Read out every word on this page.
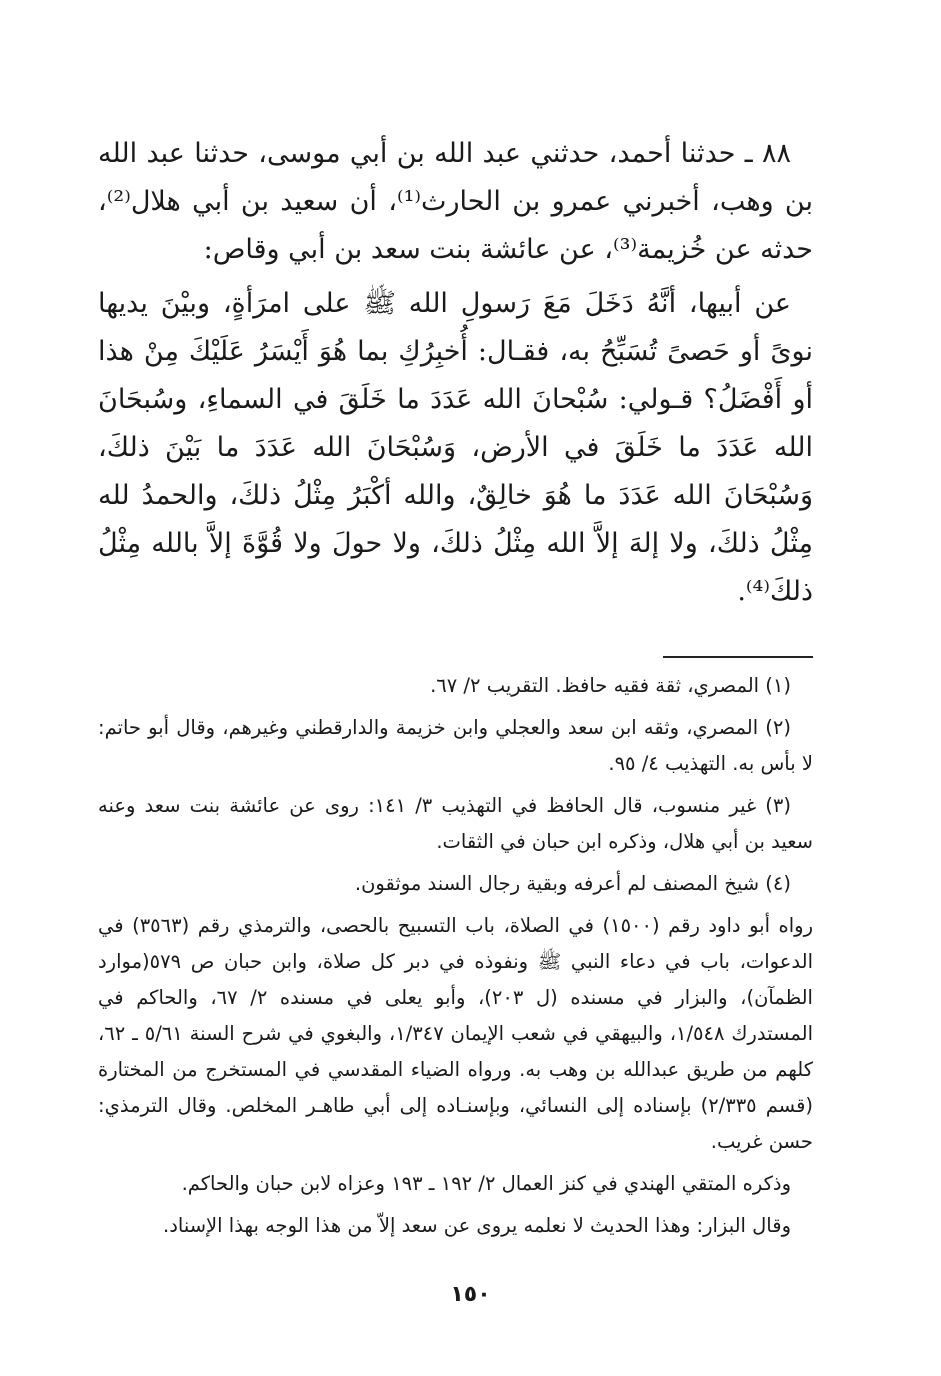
٨٨ ـ حدثنا أحمد، حدثني عبد الله بن أبي موسى، حدثنا عبد الله بن وهب، أخبرني عمرو بن الحارث⁽¹⁾، أن سعيد بن أبي هلال⁽²⁾، حدثه عن خُزيمة⁽³⁾، عن عائشة بنت سعد بن أبي وقاص:

عن أبيها، أنَّهُ دَخَلَ مَعَ رَسولِ الله ﷺ على امرَأةٍ، وبيْنَ يديها نوىً أو حَصىً تُسَبِّحُ به، فقـال: أُخبِرُكِ بما هُوَ أَيْسَرُ عَلَيْكَ مِنْ هذا أو أَفْضَلُ؟ قـولي: سُبْحانَ الله عَدَدَ ما خَلَقَ في السماءِ، وسُبحَانَ الله عَدَدَ ما خَلَقَ في الأرض، وَسُبْحَانَ الله عَدَدَ ما بَيْنَ ذلكَ، وَسُبْحَانَ الله عَدَدَ ما هُوَ خالِقٌ، والله أكْبَرُ مِثْلُ ذلكَ، والحمدُ لله مِثْلُ ذلكَ، ولا إلهَ إلاَّ الله مِثْلُ ذلكَ، ولا حولَ ولا قُوَّةَ إلاَّ بالله مِثْلُ ذلكَ⁽⁴⁾.

(١) المصري، ثقة فقيه حافظ. التقريب ٢/ ٦٧.

(٢) المصري، وثقه ابن سعد والعجلي وابن خزيمة والدارقطني وغيرهم، وقال أبو حاتم: لا بأس به. التهذيب ٤/ ٩٥.

(٣) غير منسوب، قال الحافظ في التهذيب ٣/ ١٤١: روى عن عائشة بنت سعد وعنه سعيد بن أبي هلال، وذكره ابن حبان في الثقات.

(٤) شيخ المصنف لم أعرفه وبقية رجال السند موثقون.

رواه أبو داود رقم (١٥٠٠) في الصلاة، باب التسبيح بالحصى، والترمذي رقم (٣٥٦٣) في الدعوات، باب في دعاء النبي ﷺ ونفوذه في دبر كل صلاة، وابن حبان ص ٥٧٩(موارد الظمآن)، والبزار في مسنده (ل ٢٠٣)، وأبو يعلى في مسنده ٢/ ٦٧، والحاكم في المستدرك ١/٥٤٨، والبيهقي في شعب الإيمان ١/٣٤٧، والبغوي في شرح السنة ٥/٦١ ـ ٦٢، كلهم من طريق عبدالله بن وهب به. ورواه الضياء المقدسي في المستخرج من المختارة (قسم ٢/٣٣٥) بإسناده إلى النسائي، وبإسنـاده إلى أبي طاهـر المخلص. وقال الترمذي: حسن غريب.

وذكره المتقي الهندي في كنز العمال ٢/ ١٩٢ ـ ١٩٣ وعزاه لابن حبان والحاكم.

وقال البزار: وهذا الحديث لا نعلمه يروى عن سعد إلاّ من هذا الوجه بهذا الإسناد.

١٥٠
